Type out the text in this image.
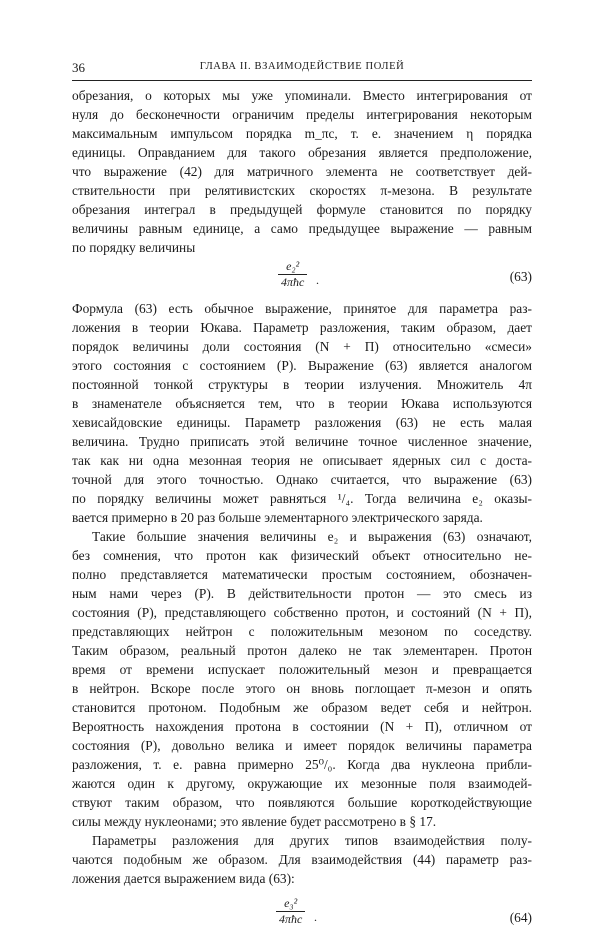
36	ГЛАВА II. ВЗАИМОДЕЙСТВИЕ ПОЛЕЙ
обрезания, о которых мы уже упоминали. Вместо интегрирования от
нуля до бесконечности ограничим пределы интегрирования некоторым
максимальным импульсом порядка m_πc, т. е. значением η порядка
единицы. Оправданием для такого обрезания является предположение,
что выражение (42) для матричного элемента не соответствует дей-
ствительности при релятивистских скоростях π-мезона. В результате
обрезания интеграл в предыдущей формуле становится по порядку
величины равным единице, а само предыдущее выражение — равным
по порядку величины
e₂²
4πħc .	(63)
Формула (63) есть обычное выражение, принятое для параметра раз-
ложения в теории Юкава. Параметр разложения, таким образом, дает
порядок величины доли состояния (N + П) относительно «смеси»
этого состояния с состоянием (Р). Выражение (63) является аналогом
постоянной тонкой структуры в теории излучения. Множитель 4π
в знаменателе объясняется тем, что в теории Юкава используются
хевисайдовские единицы. Параметр разложения (63) не есть малая
величина. Трудно приписать этой величине точное численное значение,
так как ни одна мезонная теория не описывает ядерных сил с доста-
точной для этого точностью. Однако считается, что выражение (63)
по порядку величины может равняться ¹/₄. Тогда величина e₂ оказы-
вается примерно в 20 раз больше элементарного электрического заряда.
Такие большие значения величины e₂ и выражения (63) означают,
без сомнения, что протон как физический объект относительно не-
полно представляется математически простым состоянием, обозначен-
ным нами через (Р). В действительности протон — это смесь из
состояния (Р), представляющего собственно протон, и состояний (N + П),
представляющих нейтрон с положительным мезоном по соседству.
Таким образом, реальный протон далеко не так элементарен. Протон
время от времени испускает положительный мезон и превращается
в нейтрон. Вскоре после этого он вновь поглощает π-мезон и опять
становится протоном. Подобным же образом ведет себя и нейтрон.
Вероятность нахождения протона в состоянии (N + П), отличном от
состояния (Р), довольно велика и имеет порядок величины параметра
разложения, т. е. равна примерно 25⁰/₀. Когда два нуклеона прибли-
жаются один к другому, окружающие их мезонные поля взаимодей-
ствуют таким образом, что появляются большие короткодействующие
силы между нуклеонами; это явление будет рассмотрено в § 17.
Параметры разложения для других типов взаимодействия полу-
чаются подобным же образом. Для взаимодействия (44) параметр раз-
ложения дается выражением вида (63):
e₃²
4πħc .	(64)
